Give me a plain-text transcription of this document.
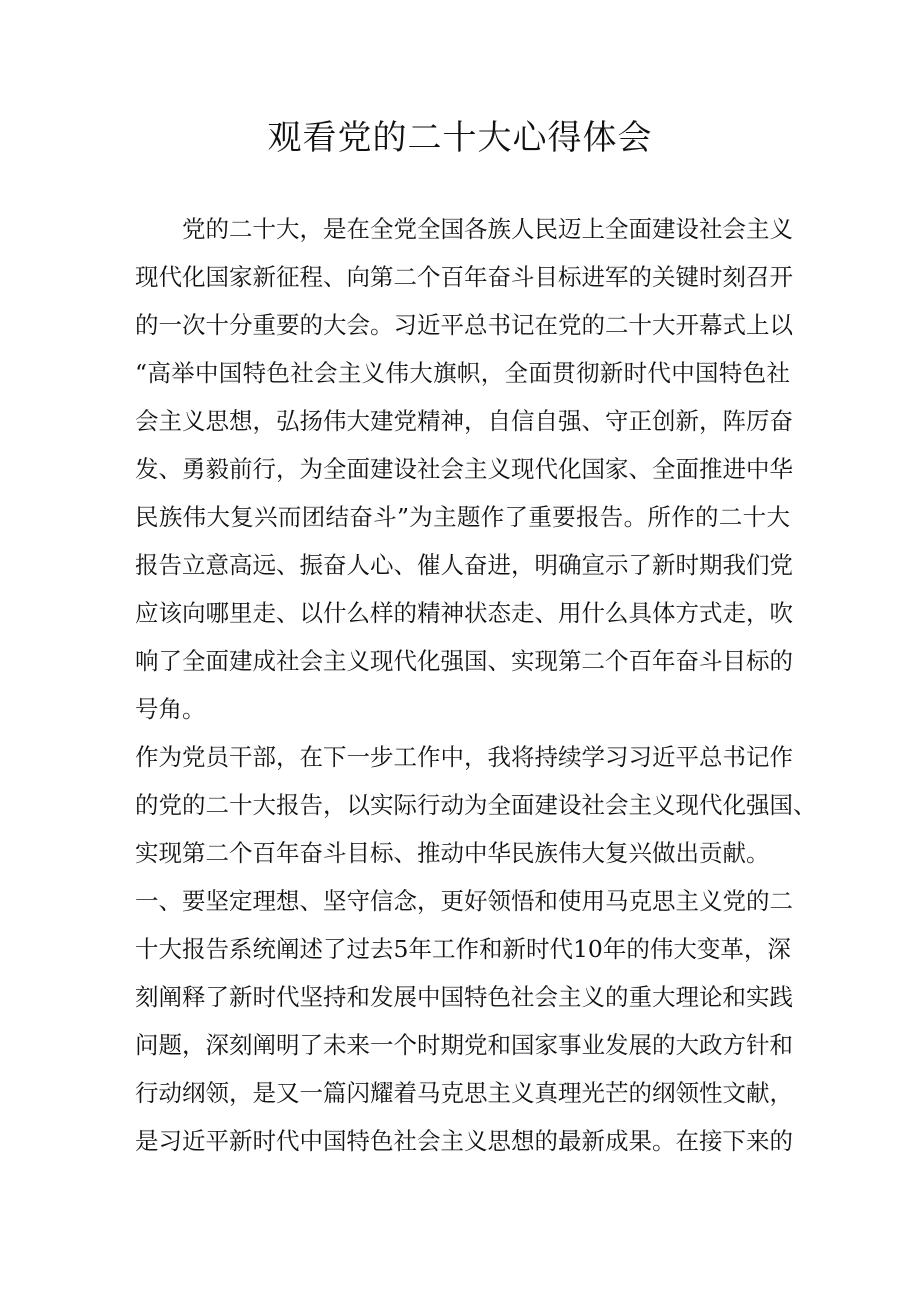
观看党的二十大心得体会
党的二十大，是在全党全国各族人民迈上全面建设社会主义
现代化国家新征程、向第二个百年奋斗目标进军的关键时刻召开
的一次十分重要的大会。习近平总书记在党的二十大开幕式上以
“高举中国特色社会主义伟大旗帜，全面贯彻新时代中国特色社
会主义思想，弘扬伟大建党精神，自信自强、守正创新，阵厉奋
发、勇毅前行，为全面建设社会主义现代化国家、全面推进中华
民族伟大复兴而团结奋斗”为主题作了重要报告。所作的二十大
报告立意高远、振奋人心、催人奋进，明确宣示了新时期我们党
应该向哪里走、以什么样的精神状态走、用什么具体方式走，吹
响了全面建成社会主义现代化强国、实现第二个百年奋斗目标的
号角。
作为党员干部，在下一步工作中，我将持续学习习近平总书记作
的党的二十大报告，以实际行动为全面建设社会主义现代化强国、
实现第二个百年奋斗目标、推动中华民族伟大复兴做出贡献。
一、要坚定理想、坚守信念，更好领悟和使用马克思主义党的二
十大报告系统阐述了过去5年工作和新时代10年的伟大变革，深
刻阐释了新时代坚持和发展中国特色社会主义的重大理论和实践
问题，深刻阐明了未来一个时期党和国家事业发展的大政方针和
行动纲领，是又一篇闪耀着马克思主义真理光芒的纲领性文献，
是习近平新时代中国特色社会主义思想的最新成果。在接下来的
